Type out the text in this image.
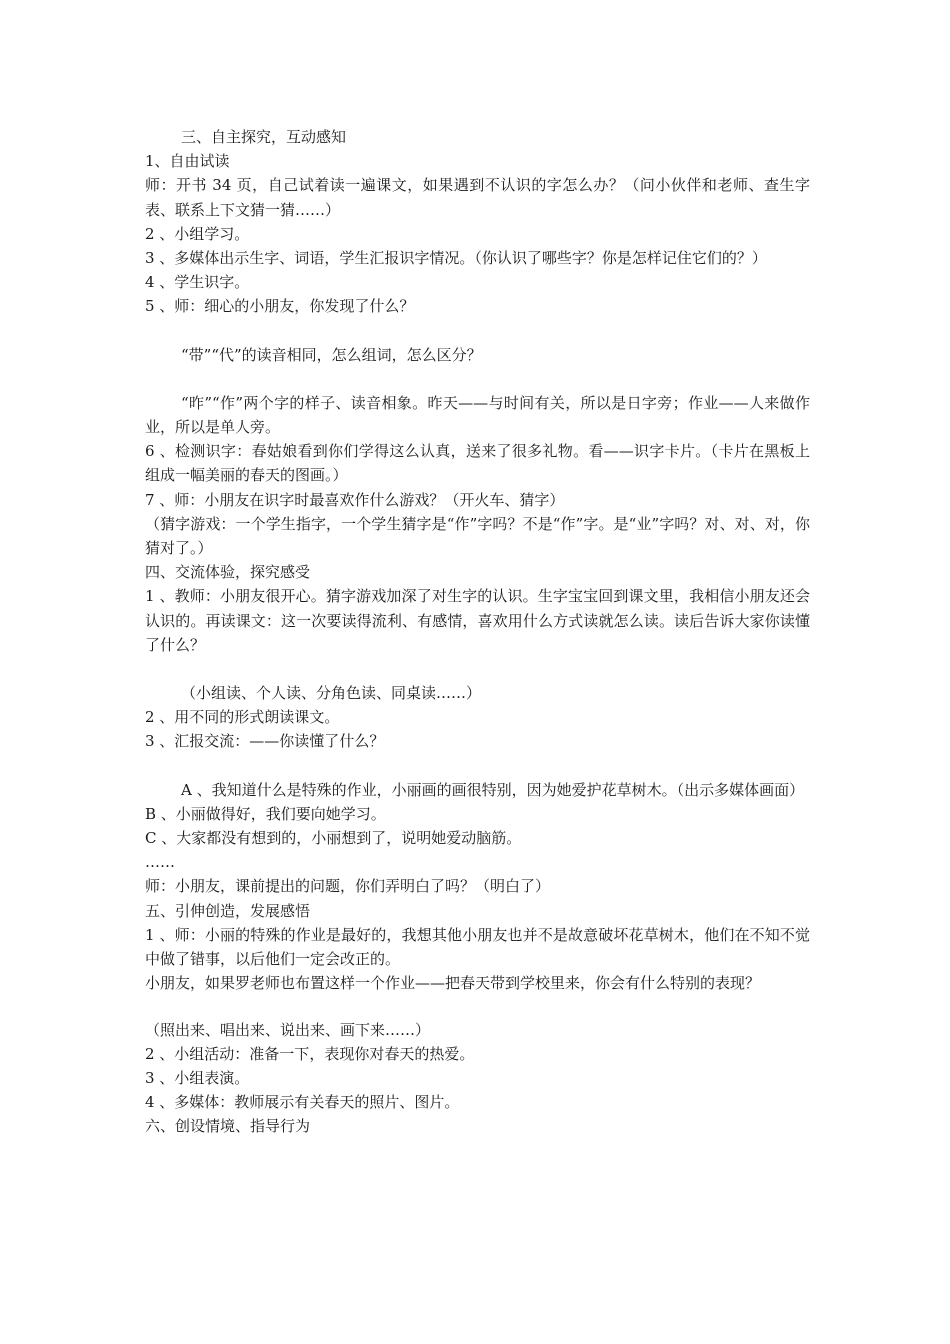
三、自主探究，互动感知

1、自由试读

师：开书 34 页，自己试着读一遍课文，如果遇到不认识的字怎么办？（问小伙伴和老师、查生字表、联系上下文猜一猜……）

2 、小组学习。

3 、多媒体出示生字、词语，学生汇报识字情况。（你认识了哪些字？你是怎样记住它们的？）

4 、学生识字。

5 、师：细心的小朋友，你发现了什么？

“带”“代”的读音相同，怎么组词，怎么区分？

“昨”“作”两个字的样子、读音相象。昨天——与时间有关，所以是日字旁；作业——人来做作业，所以是单人旁。

6 、检测识字：春姑娘看到你们学得这么认真，送来了很多礼物。看——识字卡片。（卡片在黑板上组成一幅美丽的春天的图画。）

7 、师：小朋友在识字时最喜欢作什么游戏？（开火车、猜字）

（猜字游戏：一个学生指字，一个学生猜字是“作”字吗？不是“作”字。是“业”字吗？对、对、对，你猜对了。）

四、交流体验，探究感受

1 、教师：小朋友很开心。猜字游戏加深了对生字的认识。生字宝宝回到课文里，我相信小朋友还会认识的。再读课文：这一次要读得流利、有感情，喜欢用什么方式读就怎么读。读后告诉大家你读懂了什么？

（小组读、个人读、分角色读、同桌读……）

2 、用不同的形式朗读课文。

3 、汇报交流：——你读懂了什么？

A 、我知道什么是特殊的作业，小丽画的画很特别，因为她爱护花草树木。（出示多媒体画面）

B 、小丽做得好，我们要向她学习。

C 、大家都没有想到的，小丽想到了，说明她爱动脑筋。

……

师：小朋友，课前提出的问题，你们弄明白了吗？（明白了）

五、引伸创造，发展感悟

1 、师：小丽的特殊的作业是最好的，我想其他小朋友也并不是故意破坏花草树木，他们在不知不觉中做了错事，以后他们一定会改正的。

小朋友，如果罗老师也布置这样一个作业——把春天带到学校里来，你会有什么特别的表现？

（照出来、唱出来、说出来、画下来……）

2 、小组活动：准备一下，表现你对春天的热爱。

3 、小组表演。

4 、多媒体：教师展示有关春天的照片、图片。

六、创设情境、指导行为
